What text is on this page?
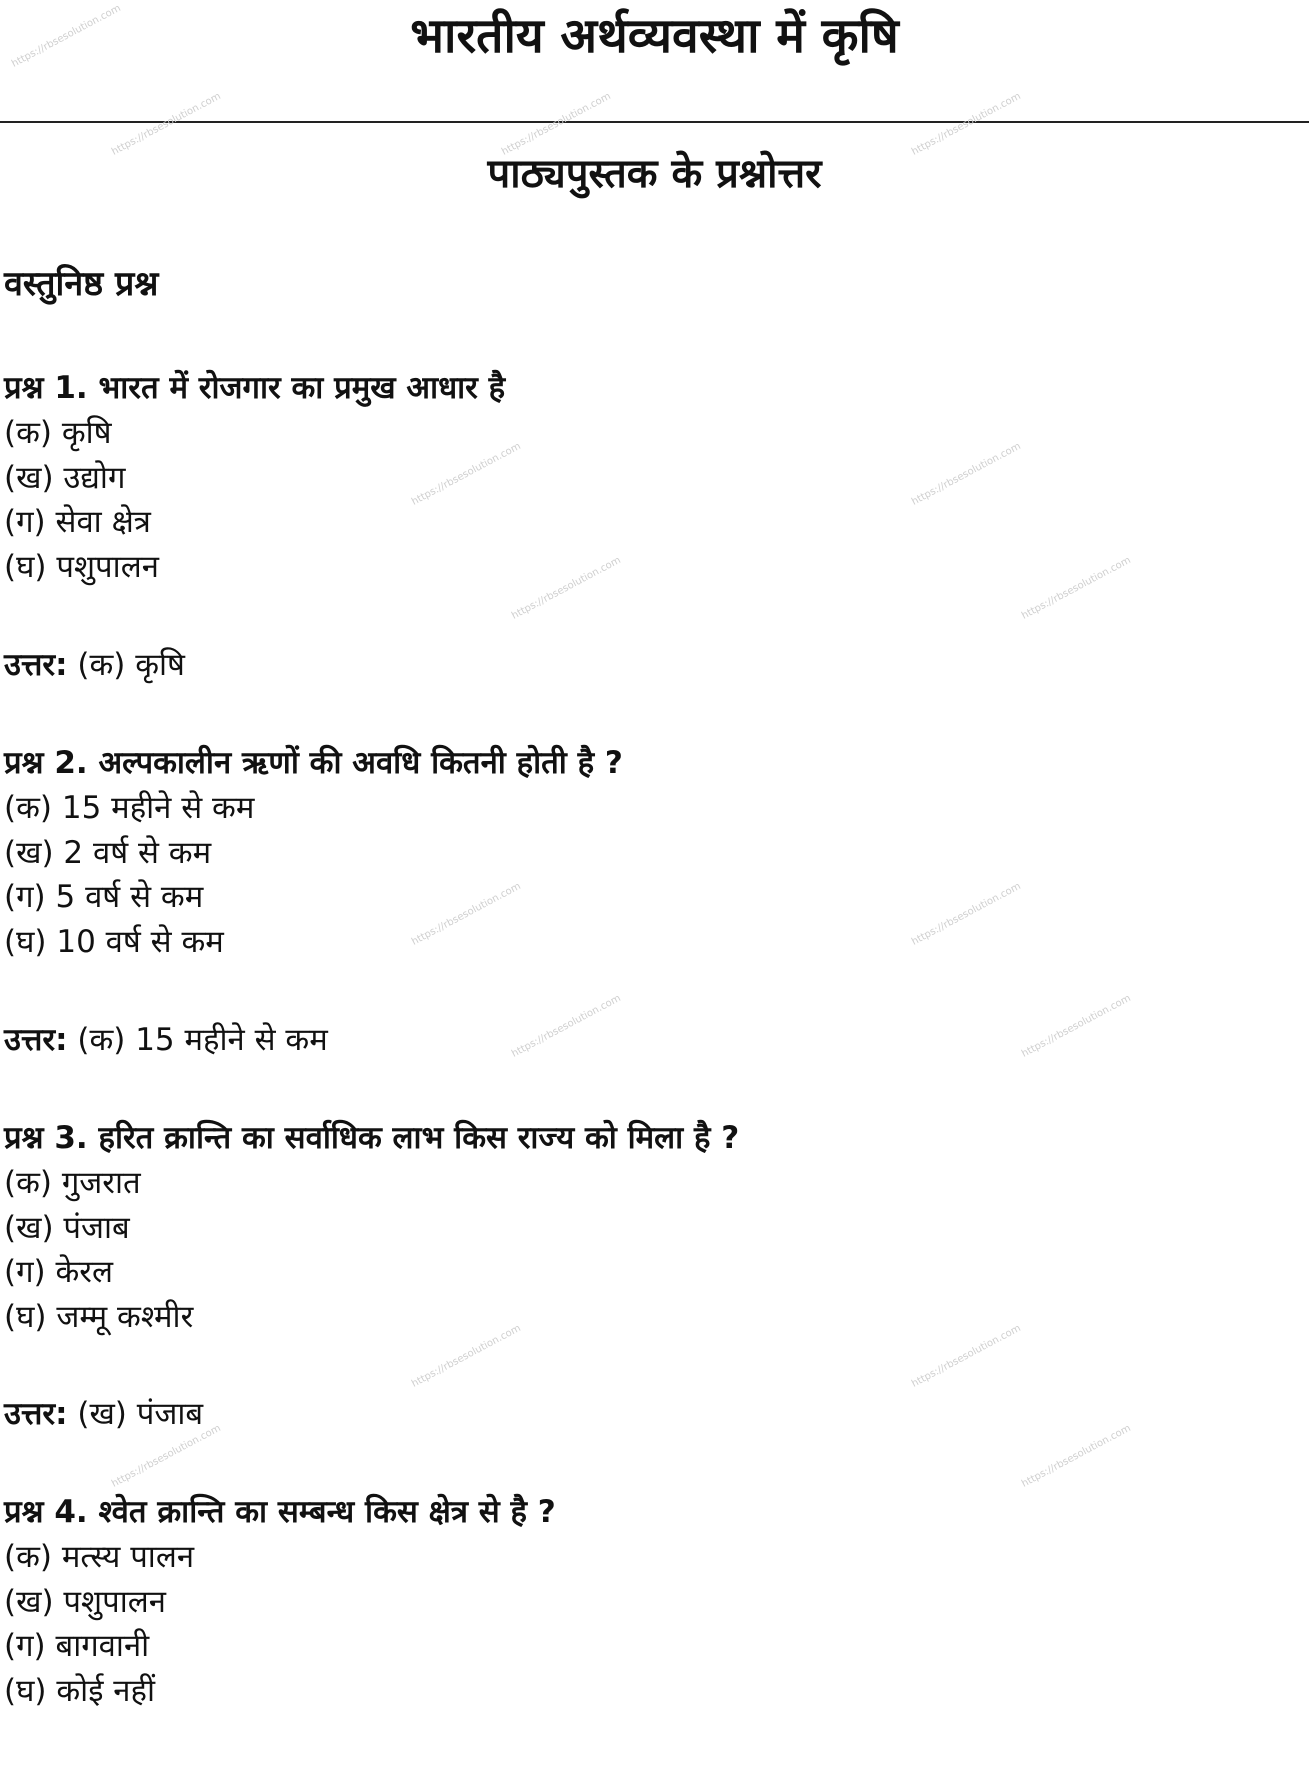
भारतीय अर्थव्यवस्था में कृषि
पाठ्यपुस्तक के प्रश्नोत्तर
वस्तुनिष्ठ प्रश्न
प्रश्न 1. भारत में रोजगार का प्रमुख आधार है
(क) कृषि
(ख) उद्योग
(ग) सेवा क्षेत्र
(घ) पशुपालन
उत्तर: (क) कृषि
प्रश्न 2. अल्पकालीन ऋणों की अवधि कितनी होती है ?
(क) 15 महीने से कम
(ख) 2 वर्ष से कम
(ग) 5 वर्ष से कम
(घ) 10 वर्ष से कम
उत्तर: (क) 15 महीने से कम
प्रश्न 3. हरित क्रान्ति का सर्वाधिक लाभ किस राज्य को मिला है ?
(क) गुजरात
(ख) पंजाब
(ग) केरल
(घ) जम्मू कश्मीर
उत्तर: (ख) पंजाब
प्रश्न 4. श्वेत क्रान्ति का सम्बन्ध किस क्षेत्र से है ?
(क) मत्स्य पालन
(ख) पशुपालन
(ग) बागवानी
(घ) कोई नहीं
https://rbsesolution.com
https://rbsesolution.com	https://rbsesolution.com	https://rbsesolution.com
https://rbsesolution.com	https://rbsesolution.com
https://rbsesolution.com	https://rbsesolution.com
https://rbsesolution.com	https://rbsesolution.com
https://rbsesolution.com	https://rbsesolution.com
https://rbsesolution.com	https://rbsesolution.com
https://rbsesolution.com	https://rbsesolution.com
